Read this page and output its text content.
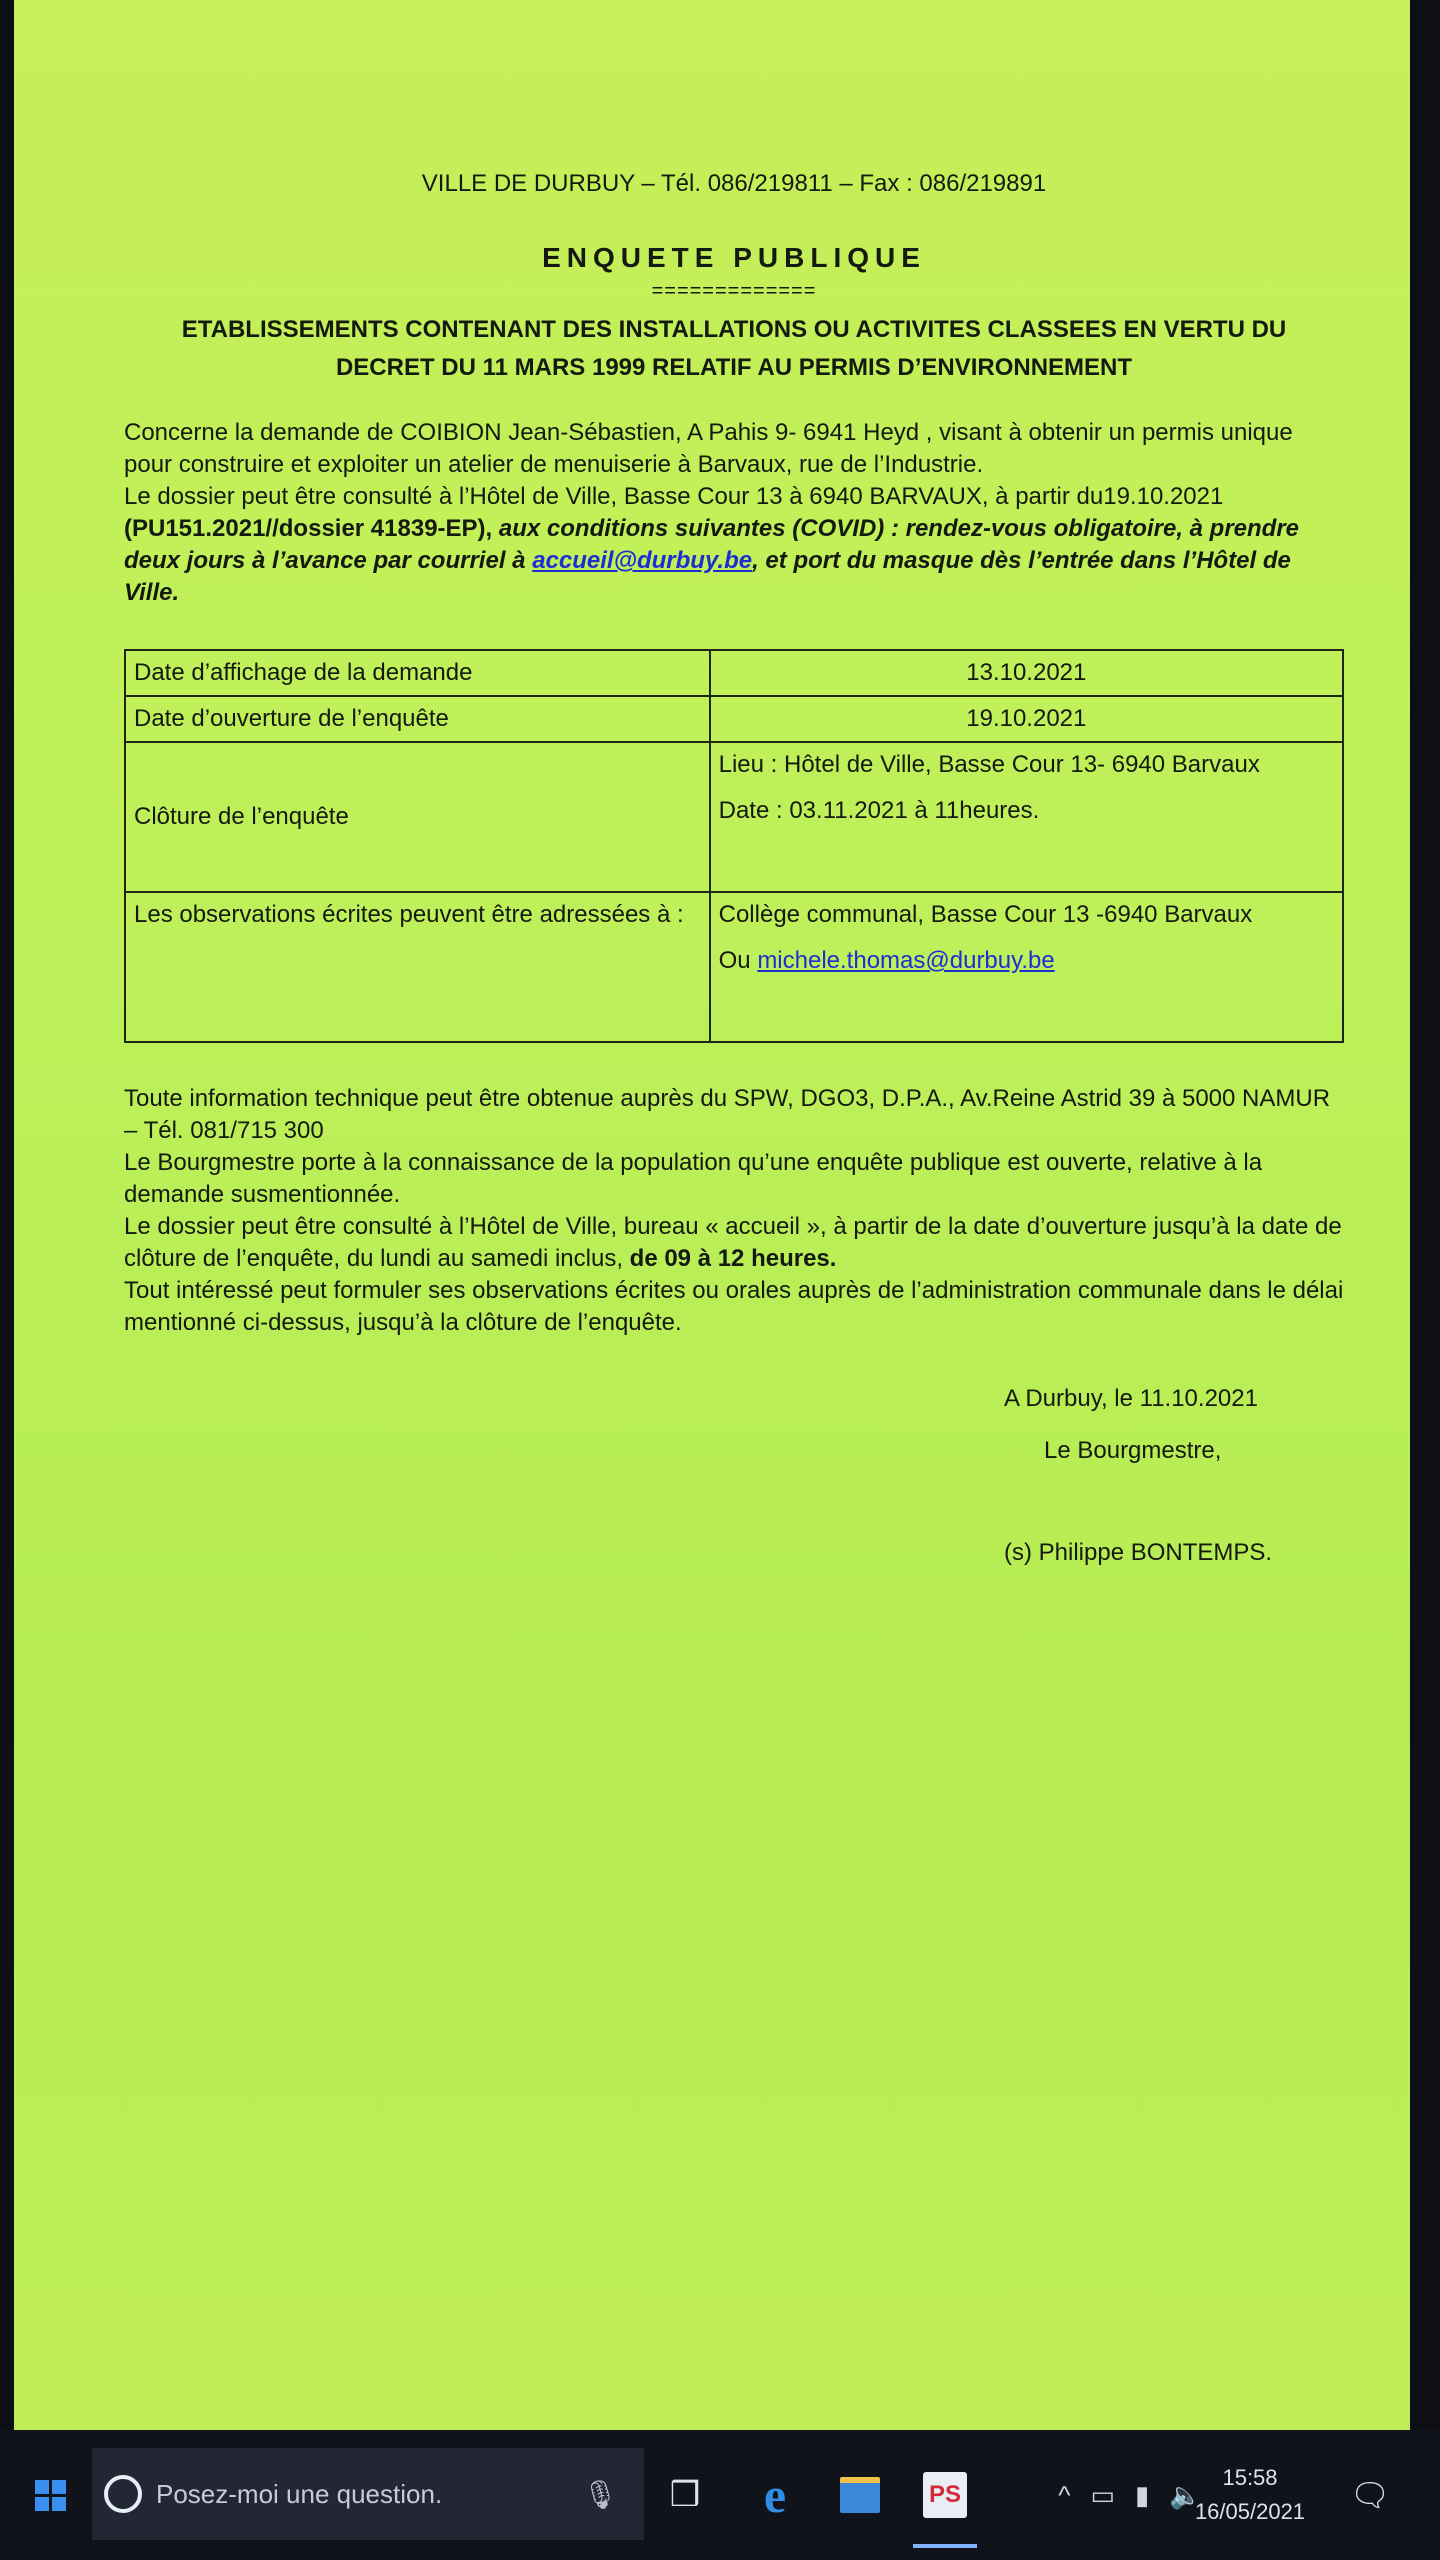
VILLE DE DURBUY – Tél. 086/219811 – Fax : 086/219891
ENQUETE PUBLIQUE
=============
ETABLISSEMENTS CONTENANT DES INSTALLATIONS OU ACTIVITES CLASSEES EN VERTU DU DECRET DU 11 MARS 1999 RELATIF AU PERMIS D’ENVIRONNEMENT

Concerne la demande de COIBION Jean-Sébastien, A Pahis 9- 6941 Heyd , visant à obtenir un permis unique pour construire et exploiter un atelier de menuiserie à Barvaux, rue de l’Industrie.

Le dossier peut être consulté à l’Hôtel de Ville, Basse Cour 13 à 6940 BARVAUX, à partir du19.10.2021 (PU151.2021//dossier 41839-EP), aux conditions suivantes (COVID) : rendez-vous obligatoire, à prendre deux jours à l’avance par courriel à accueil@durbuy.be, et port du masque dès l’entrée dans l’Hôtel de Ville.

Date d’affichage de la demande	13.10.2021
Date d’ouverture de l’enquête	19.10.2021
Clôture de l’enquête	Lieu : Hôtel de Ville, Basse Cour 13- 6940 Barvaux
Date : 03.11.2021 à 11heures.

Les observations écrites peuvent être adressées à :	Collège communal, Basse Cour 13 -6940 Barvaux
Ou michele.thomas@durbuy.be

Toute information technique peut être obtenue auprès du SPW, DGO3, D.P.A., Av.Reine Astrid 39 à 5000 NAMUR – Tél. 081/715 300

Le Bourgmestre porte à la connaissance de la population qu’une enquête publique est ouverte, relative à la demande susmentionnée.

Le dossier peut être consulté à l’Hôtel de Ville, bureau « accueil », à partir de la date d’ouverture jusqu’à la date de clôture de l’enquête, du lundi au samedi inclus, de 09 à 12 heures.

Tout intéressé peut formuler ses observations écrites ou orales auprès de l’administration communale dans le délai mentionné ci-dessus, jusqu’à la clôture de l’enquête.

A Durbuy, le 11.10.2021
Le Bourgmestre,
(s) Philippe BONTEMPS.
Posez-moi une question.	🎙 ❒ e	PS	^ ▭ ▮ 🔈
15:58
16/05/2021 🗨
